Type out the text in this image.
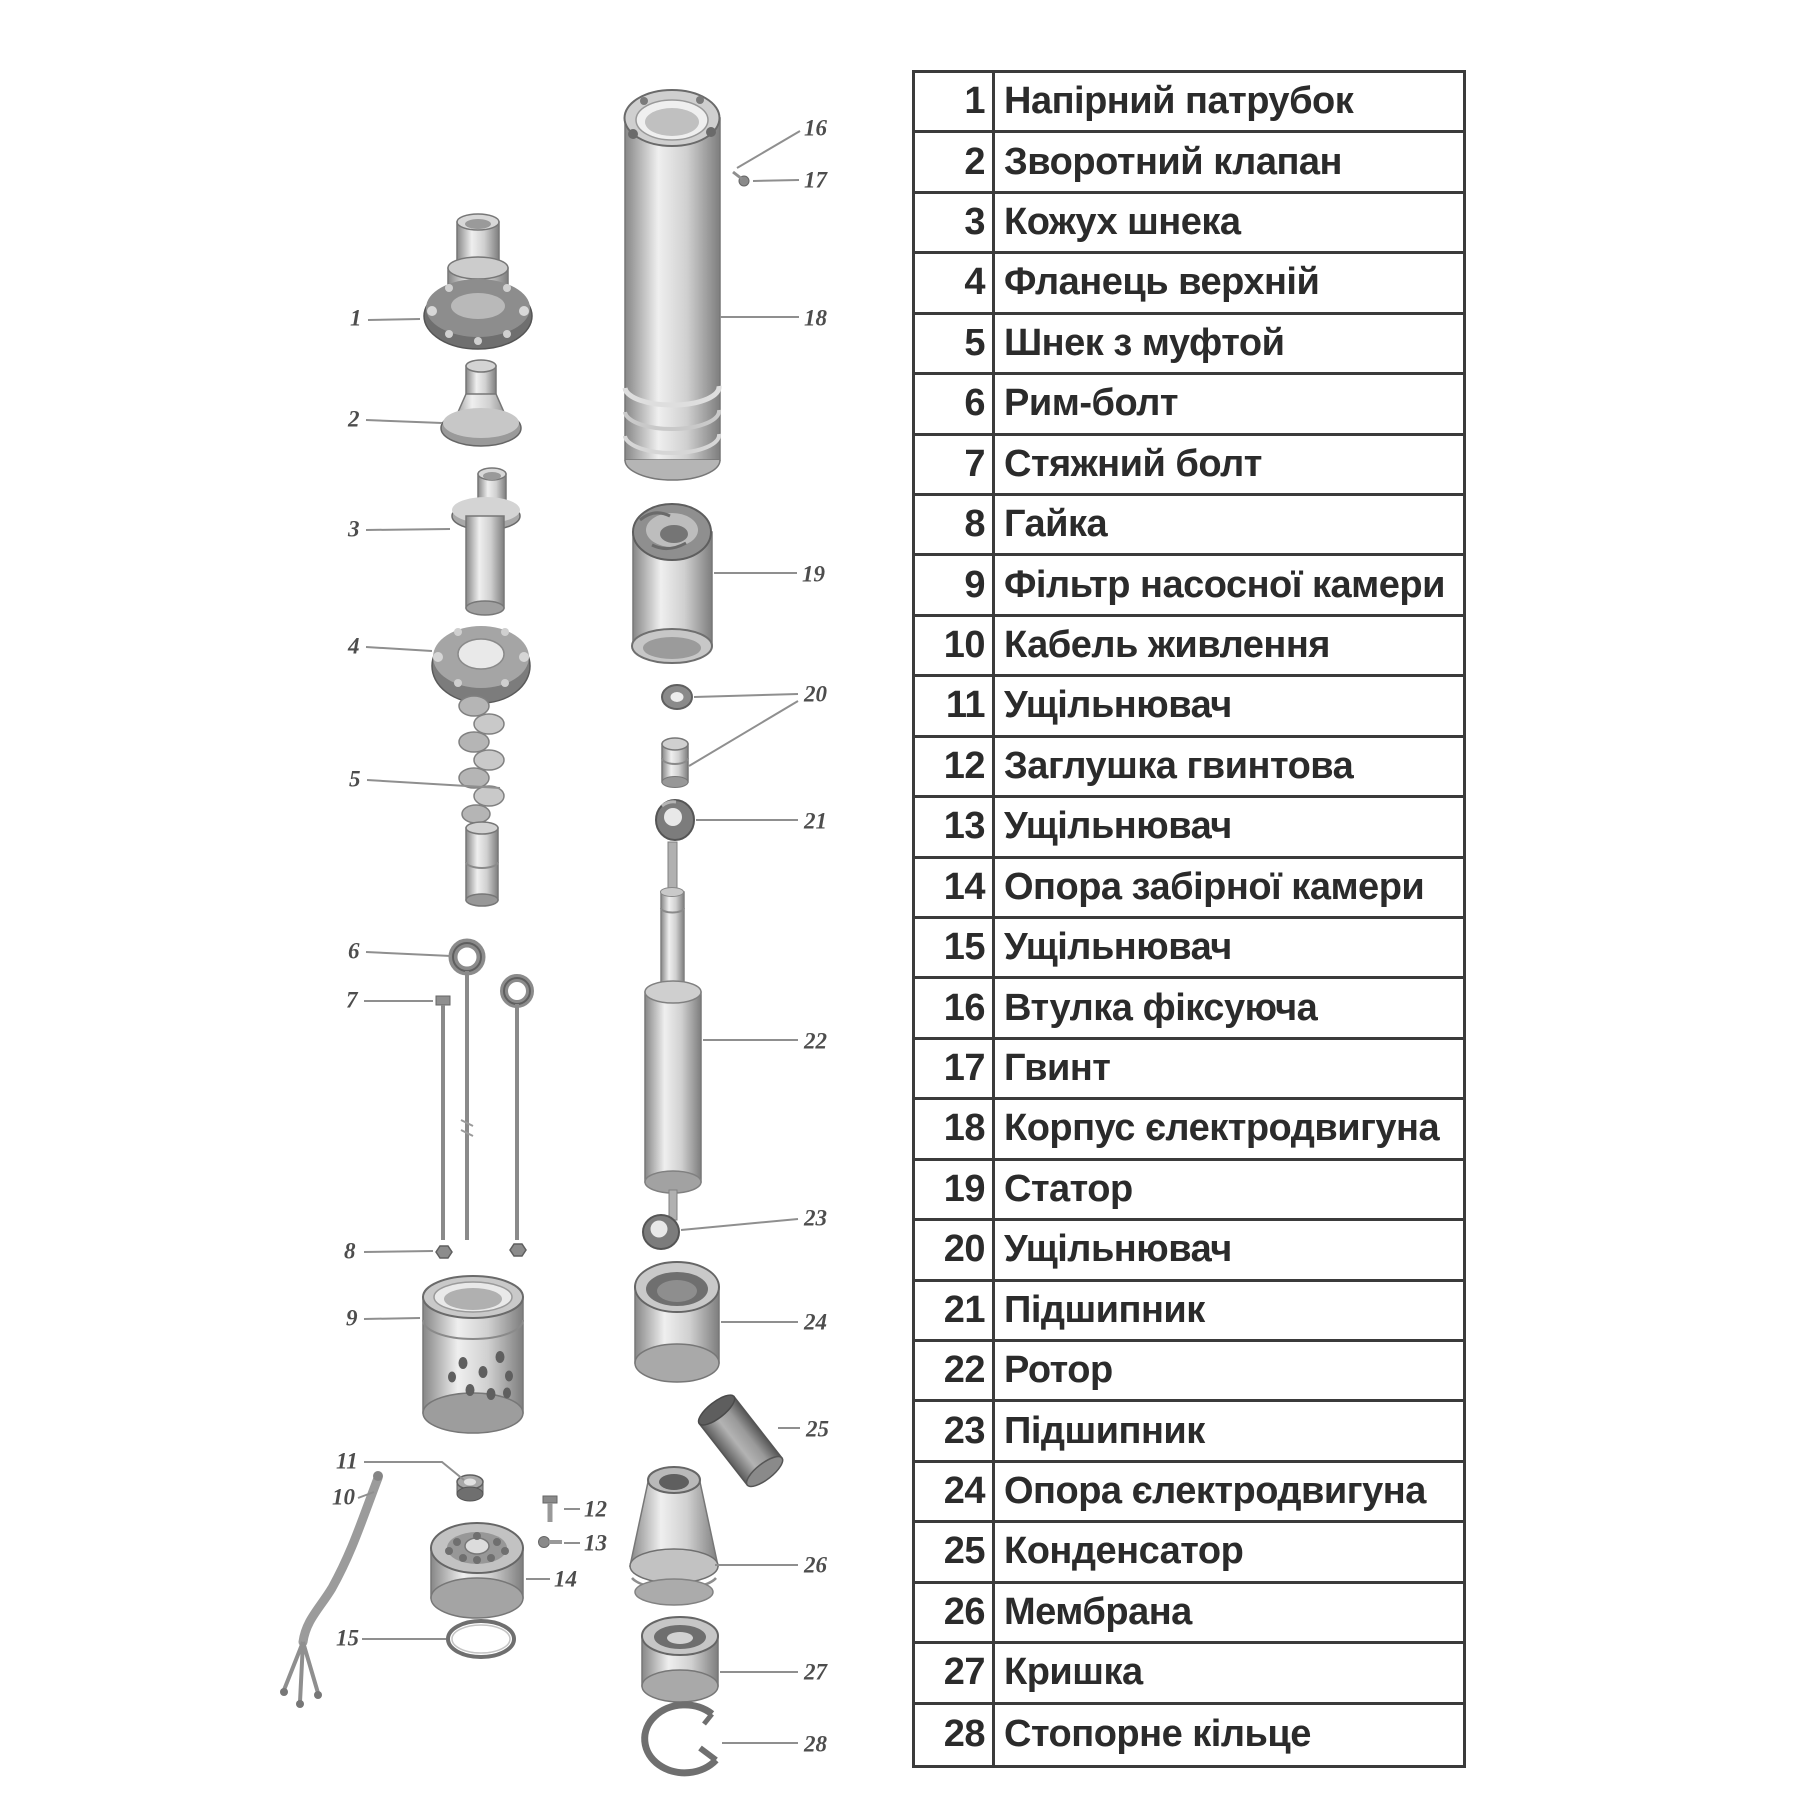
1
2
3
4
5
6
7
8
9
10
11
12
13
14
15
16
17
18
19
20
21
22
23
24
25
26
27
28
1 Напірний патрубок
2 Зворотний клапан
3 Кожух шнека
4 Фланець верхній
5 Шнек з муфтой
6 Рим-болт
7 Стяжний болт
8 Гайка
9 Фільтр насосної камери
10 Кабель живлення
11 Ущільнювач
12 Заглушка гвинтова
13 Ущільнювач
14 Опора забірної камери
15 Ущільнювач
16 Втулка фіксуюча
17 Гвинт
18 Корпус єлектродвигуна
19 Статор
20 Ущільнювач
21 Підшипник
22 Ротор
23 Підшипник
24 Опора єлектродвигуна
25 Конденсатор
26 Мембрана
27 Кришка
28 Стопорне кільце
